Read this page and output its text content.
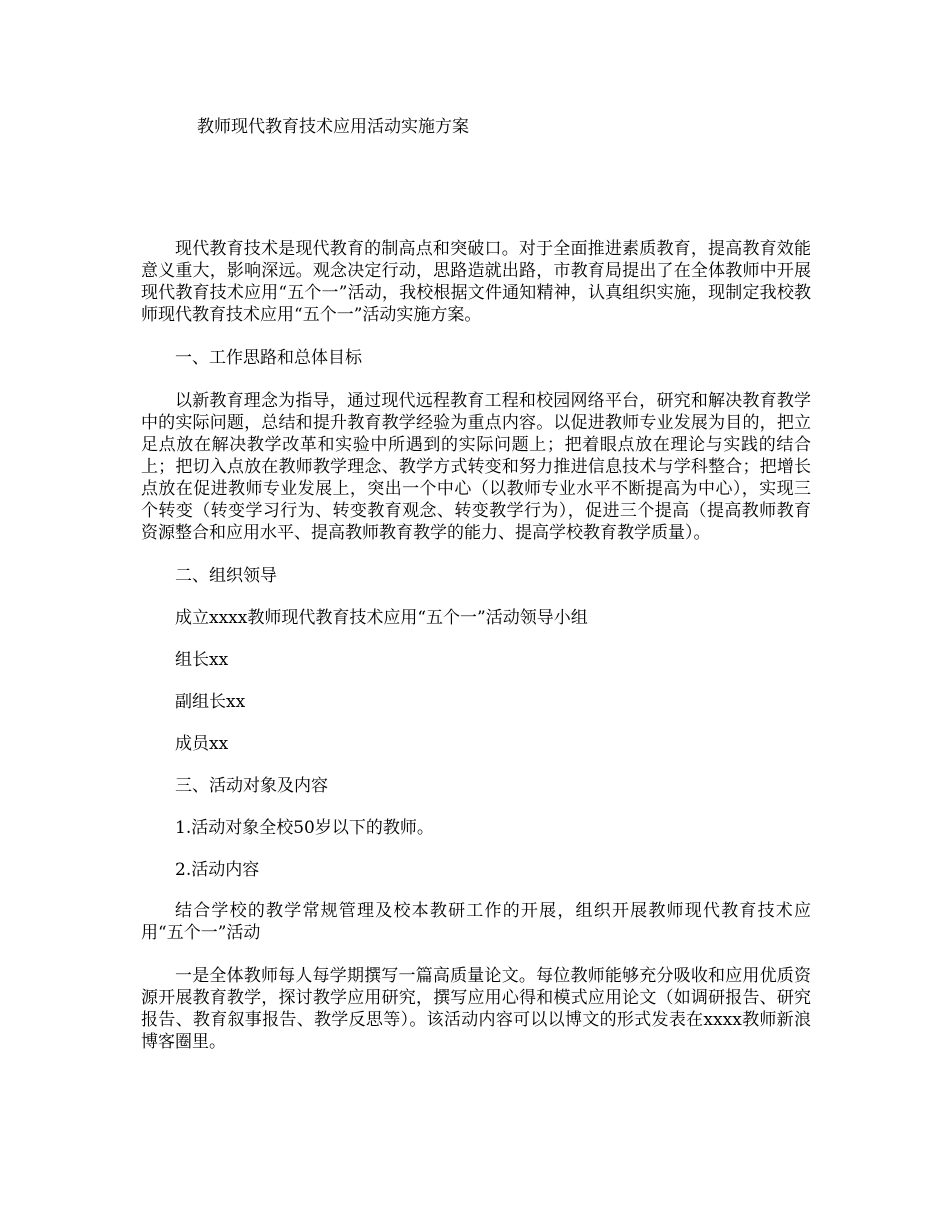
教师现代教育技术应用活动实施方案

现代教育技术是现代教育的制高点和突破口。对于全面推进素质教育，提高教育效能意义重大，影响深远。观念决定行动，思路造就出路，市教育局提出了在全体教师中开展现代教育技术应用“五个一”活动，我校根据文件通知精神，认真组织实施，现制定我校教师现代教育技术应用“五个一”活动实施方案。

一、工作思路和总体目标

以新教育理念为指导，通过现代远程教育工程和校园网络平台，研究和解决教育教学中的实际问题，总结和提升教育教学经验为重点内容。以促进教师专业发展为目的，把立足点放在解决教学改革和实验中所遇到的实际问题上；把着眼点放在理论与实践的结合上；把切入点放在教师教学理念、教学方式转变和努力推进信息技术与学科整合；把增长点放在促进教师专业发展上，突出一个中心（以教师专业水平不断提高为中心），实现三个转变（转变学习行为、转变教育观念、转变教学行为），促进三个提高（提高教师教育资源整合和应用水平、提高教师教育教学的能力、提高学校教育教学质量）。

二、组织领导

成立xxxx教师现代教育技术应用“五个一”活动领导小组

组长xx

副组长xx

成员xx

三、活动对象及内容

1.活动对象全校50岁以下的教师。

2.活动内容

结合学校的教学常规管理及校本教研工作的开展，组织开展教师现代教育技术应用“五个一”活动

一是全体教师每人每学期撰写一篇高质量论文。每位教师能够充分吸收和应用优质资源开展教育教学，探讨教学应用研究，撰写应用心得和模式应用论文（如调研报告、研究报告、教育叙事报告、教学反思等）。该活动内容可以以博文的形式发表在xxxx教师新浪博客圈里。
